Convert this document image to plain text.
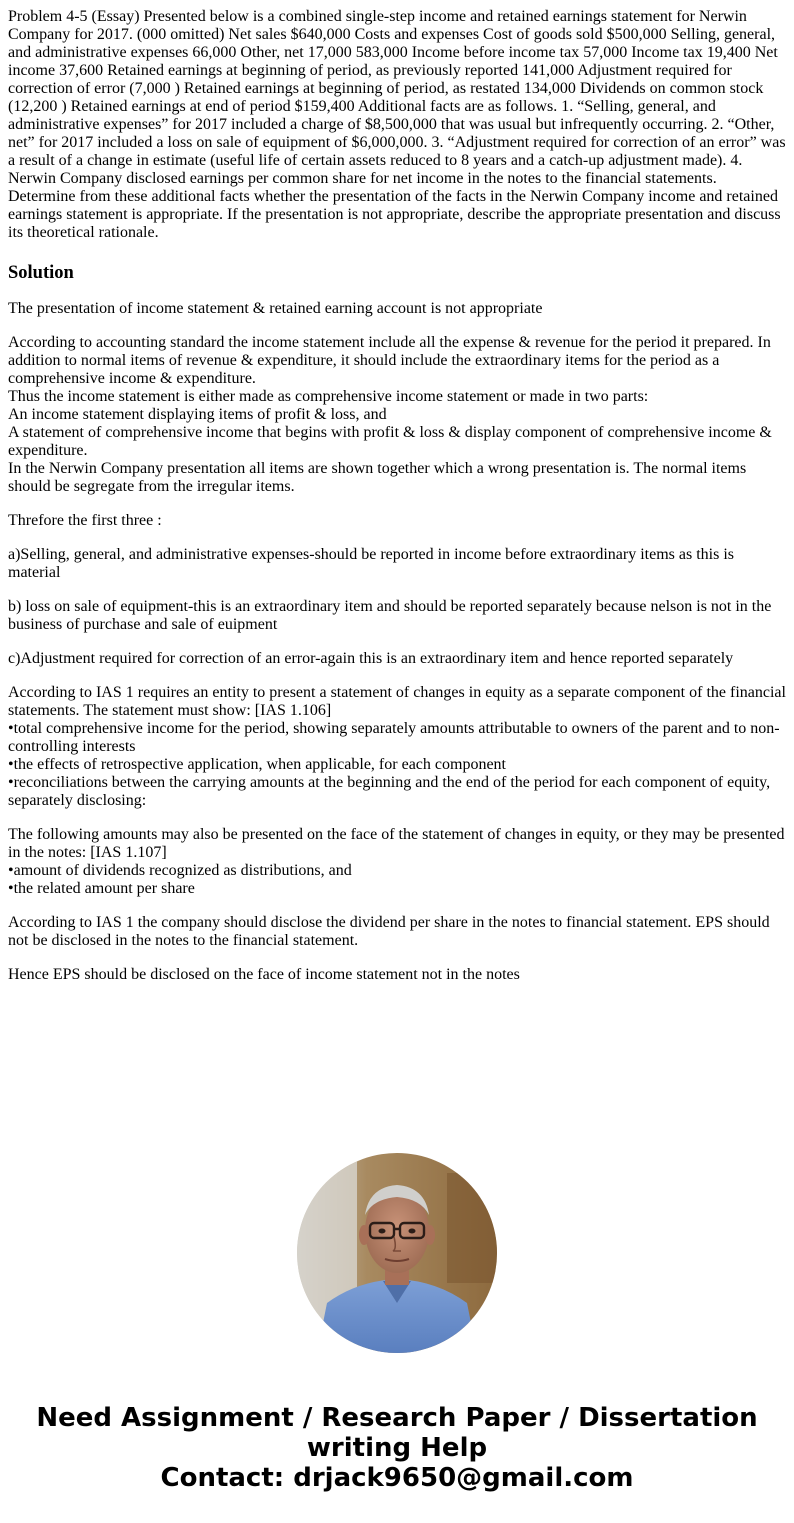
Problem 4-5 (Essay) Presented below is a combined single-step income and retained earnings statement for Nerwin Company for 2017. (000 omitted) Net sales $640,000 Costs and expenses Cost of goods sold $500,000 Selling, general, and administrative expenses 66,000 Other, net 17,000 583,000 Income before income tax 57,000 Income tax 19,400 Net income 37,600 Retained earnings at beginning of period, as previously reported 141,000 Adjustment required for correction of error (7,000 ) Retained earnings at beginning of period, as restated 134,000 Dividends on common stock (12,200 ) Retained earnings at end of period $159,400 Additional facts are as follows. 1. “Selling, general, and administrative expenses” for 2017 included a charge of $8,500,000 that was usual but infrequently occurring. 2. “Other, net” for 2017 included a loss on sale of equipment of $6,000,000. 3. “Adjustment required for correction of an error” was a result of a change in estimate (useful life of certain assets reduced to 8 years and a catch-up adjustment made). 4. Nerwin Company disclosed earnings per common share for net income in the notes to the financial statements. Determine from these additional facts whether the presentation of the facts in the Nerwin Company income and retained earnings statement is appropriate. If the presentation is not appropriate, describe the appropriate presentation and discuss its theoretical rationale.
Solution

The presentation of income statement & retained earning account is not appropriate

According to accounting standard the income statement include all the expense & revenue for the period it prepared. In addition to normal items of revenue & expenditure, it should include the extraordinary items for the period as a comprehensive income & expenditure.
Thus the income statement is either made as comprehensive income statement or made in two parts:
An income statement displaying items of profit & loss, and
A statement of comprehensive income that begins with profit & loss & display component of comprehensive income & expenditure.
In the Nerwin Company presentation all items are shown together which a wrong presentation is. The normal items should be segregate from the irregular items.

Threfore the first three :

a)Selling, general, and administrative expenses-should be reported in income before extraordinary items as this is material

b) loss on sale of equipment-this is an extraordinary item and should be reported separately because nelson is not in the business of purchase and sale of euipment

c)Adjustment required for correction of an error-again this is an extraordinary item and hence reported separately

According to IAS 1 requires an entity to present a statement of changes in equity as a separate component of the financial statements. The statement must show: [IAS 1.106]
•total comprehensive income for the period, showing separately amounts attributable to owners of the parent and to non-controlling interests
•the effects of retrospective application, when applicable, for each component
•reconciliations between the carrying amounts at the beginning and the end of the period for each component of equity, separately disclosing:

The following amounts may also be presented on the face of the statement of changes in equity, or they may be presented in the notes: [IAS 1.107]
•amount of dividends recognized as distributions, and
•the related amount per share

According to IAS 1 the company should disclose the dividend per share in the notes to financial statement. EPS should not be disclosed in the notes to the financial statement.

Hence EPS should be disclosed on the face of income statement not in the notes

Need Assignment / Research Paper / Dissertation
writing Help
Contact: drjack9650@gmail.com
